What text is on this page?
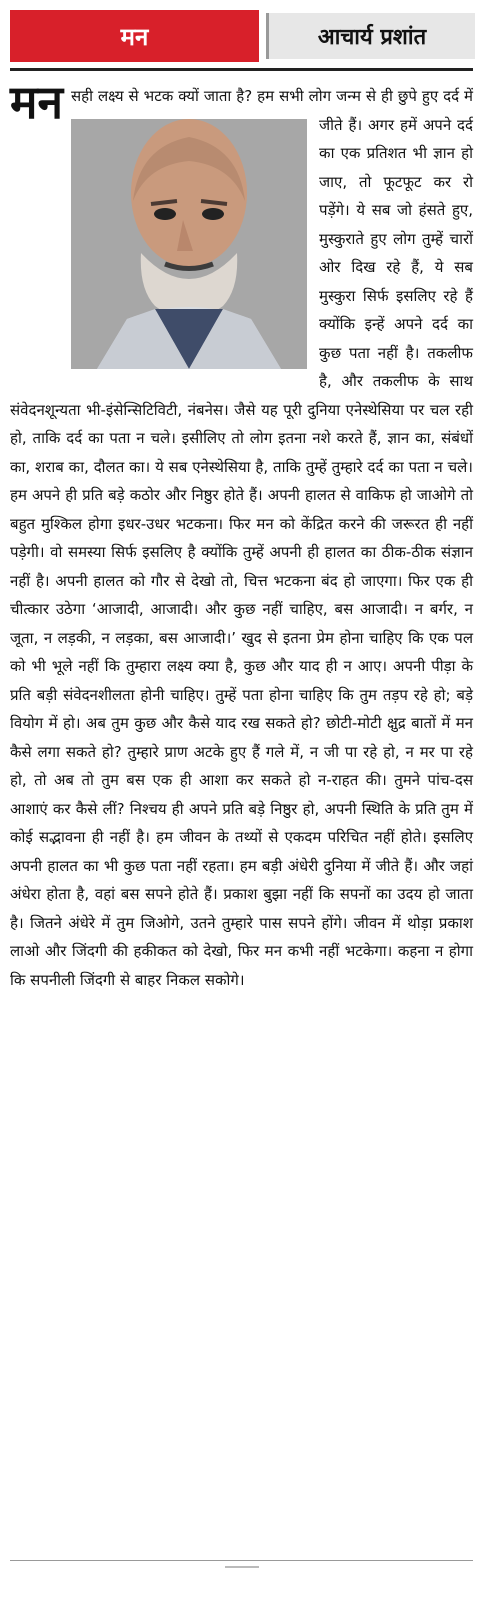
मन	आचार्य प्रशांत
मन सही लक्ष्य से भटक क्यों जाता है? हम सभी लोग जन्म से ही छुपे हुए दर्द में जीते हैं। अगर हमें अपने दर्द का एक प्रतिशत भी ज्ञान हो जाए, तो फूटफूट कर रो पड़ेंगे। ये सब जो हंसते हुए, मुस्कुराते हुए लोग तुम्हें चारों ओर दिख रहे हैं, ये सब मुस्कुरा सिर्फ इसलिए रहे हैं क्योंकि इन्हें अपने दर्द का कुछ पता नहीं है। तकलीफ है, और तकलीफ के साथ संवेदनशून्यता भी-इंसेन्सिटिविटी, नंबनेस। जैसे यह पूरी दुनिया एनेस्थेसिया पर चल रही हो, ताकि दर्द का पता न चले। इसीलिए तो लोग इतना नशे करते हैं, ज्ञान का, संबंधों का, शराब का, दौलत का। ये सब एनेस्थेसिया है, ताकि तुम्हें तुम्हारे दर्द का पता न चले। हम अपने ही प्रति बड़े कठोर और निष्ठुर होते हैं। अपनी हालत से वाकिफ हो जाओगे तो बहुत मुश्किल होगा इधर-उधर भटकना। फिर मन को केंद्रित करने की जरूरत ही नहीं पड़ेगी। वो समस्या सिर्फ इसलिए है क्योंकि तुम्हें अपनी ही हालत का ठीक-ठीक संज्ञान नहीं है। अपनी हालत को गौर से देखो तो, चित्त भटकना बंद हो जाएगा। फिर एक ही चीत्कार उठेगा ‘आजादी, आजादी। और कुछ नहीं चाहिए, बस आजादी। न बर्गर, न जूता, न लड़की, न लड़का, बस आजादी।’ खुद से इतना प्रेम होना चाहिए कि एक पल को भी भूले नहीं कि तुम्हारा लक्ष्य क्या है, कुछ और याद ही न आए। अपनी पीड़ा के प्रति बड़ी संवेदनशीलता होनी चाहिए। तुम्हें पता होना चाहिए कि तुम तड़प रहे हो; बड़े वियोग में हो। अब तुम कुछ और कैसे याद रख सकते हो? छोटी-मोटी क्षुद्र बातों में मन कैसे लगा सकते हो? तुम्हारे प्राण अटके हुए हैं गले में, न जी पा रहे हो, न मर पा रहे हो, तो अब तो तुम बस एक ही आशा कर सकते हो न-राहत की। तुमने पांच-दस आशाएं कर कैसे लीं? निश्चय ही अपने प्रति बड़े निष्ठुर हो, अपनी स्थिति के प्रति तुम में कोई सद्भावना ही नहीं है। हम जीवन के तथ्यों से एकदम परिचित नहीं होते। इसलिए अपनी हालत का भी कुछ पता नहीं रहता। हम बड़ी अंधेरी दुनिया में जीते हैं। और जहां अंधेरा होता है, वहां बस सपने होते हैं। प्रकाश बुझा नहीं कि सपनों का उदय हो जाता है। जितने अंधेरे में तुम जिओगे, उतने तुम्हारे पास सपने होंगे। जीवन में थोड़ा प्रकाश लाओ और जिंदगी की हकीकत को देखो, फिर मन कभी नहीं भटकेगा। कहना न होगा कि सपनीली जिंदगी से बाहर निकल सकोगे।
